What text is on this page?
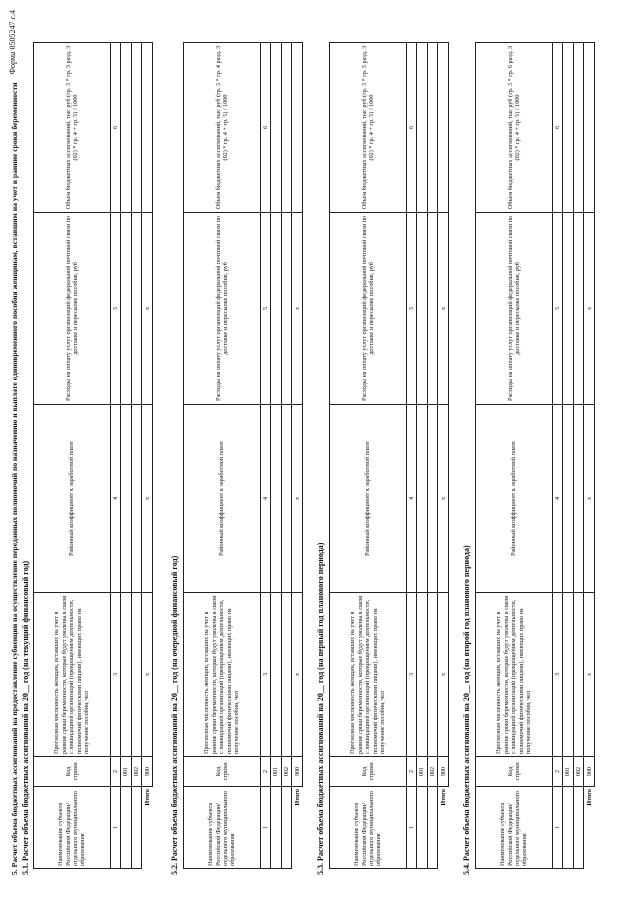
Форма 0505247 с.4
5. Расчет объема бюджетных ассигнований на предоставление субвенции на осуществление переданных полномочий по назначению и выплате единовременного пособия женщинам, вставшим на учет в ранние сроки беременности 5.1. Расчет объема бюджетных ассигнований на 20__ год (на текущий финансовый год)	Наименование субъекта Российской Федерации/ отдельного муниципального образования	Код строки	Прогнозная численность женщин, вставших на учет в ранние сроки беременности, которые будут уволены в связи с ликвидацией организаций (прекращением деятельности, полномочий физическими лицами), имеющих право на получение пособия, чел	Районный коэффициент к заработной плате	Расходы на оплату услуг организаций федеральной почтовой связи по доставке и пересылке пособия, руб	Объем бюджетных ассигнований, тыс руб (гр. 3 * гр. 3 разд. 3 (02) * гр. 4 + гр. 5) / 1000
1	2	3	4	5	6
	001				
	002				
Итого	900	x	x	x	
5.2. Расчет объема бюджетных ассигнований на 20__ год (на очередной финансовый год)	Наименование субъекта Российской Федерации/ отдельного муниципального образования	Код строки	Прогнозная численность женщин, вставших на учет в ранние сроки беременности, которые будут уволены в связи с ликвидацией организаций (прекращением деятельности, полномочий физическими лицами), имеющих право на получение пособия, чел	Районный коэффициент к заработной плате	Расходы на оплату услуг организаций федеральной почтовой связи по доставке и пересылке пособия, руб	Объем бюджетных ассигнований, тыс руб (гр. 3 * гр. 4 разд. 3 (02) * гр. 4 + гр. 5) / 1000
1	2	3	4	5	6
	001				
	002				
Итого	900	x	x	x	
5.3. Расчет объема бюджетных ассигнований на 20__ год (на первый год планового периода)	Наименование субъекта Российской Федерации/ отдельного муниципального образования	Код строки	Прогнозная численность женщин, вставших на учет в ранние сроки беременности, которые будут уволены в связи с ликвидацией организаций (прекращением деятельности, полномочий физическими лицами), имеющих право на получение пособия, чел	Районный коэффициент к заработной плате	Расходы на оплату услуг организаций федеральной почтовой связи по доставке и пересылке пособия, руб	Объем бюджетных ассигнований, тыс руб (гр. 3 * гр. 5 разд. 3 (02) * гр. 4 + гр. 5) / 1000
1	2	3	4	5	6
	001				
	002				
Итого	900	x	x	x	
5.4. Расчет объема бюджетных ассигнований на 20__ год (на второй год планового периода)	Наименование субъекта Российской Федерации/ отдельного муниципального образования	Код строки	Прогнозная численность женщин, вставших на учет в ранние сроки беременности, которые будут уволены в связи с ликвидацией организаций (прекращением деятельности, полномочий физическими лицами), имеющих право на получение пособия, чел	Районный коэффициент к заработной плате	Расходы на оплату услуг организаций федеральной почтовой связи по доставке и пересылке пособия, руб	Объем бюджетных ассигнований, тыс руб (гр. 3 * гр. 6 разд. 3 (02) * гр. 4 + гр. 5) / 1000
1	2	3	4	5	6
	001				
	002				
Итого	900	x	x	x	
